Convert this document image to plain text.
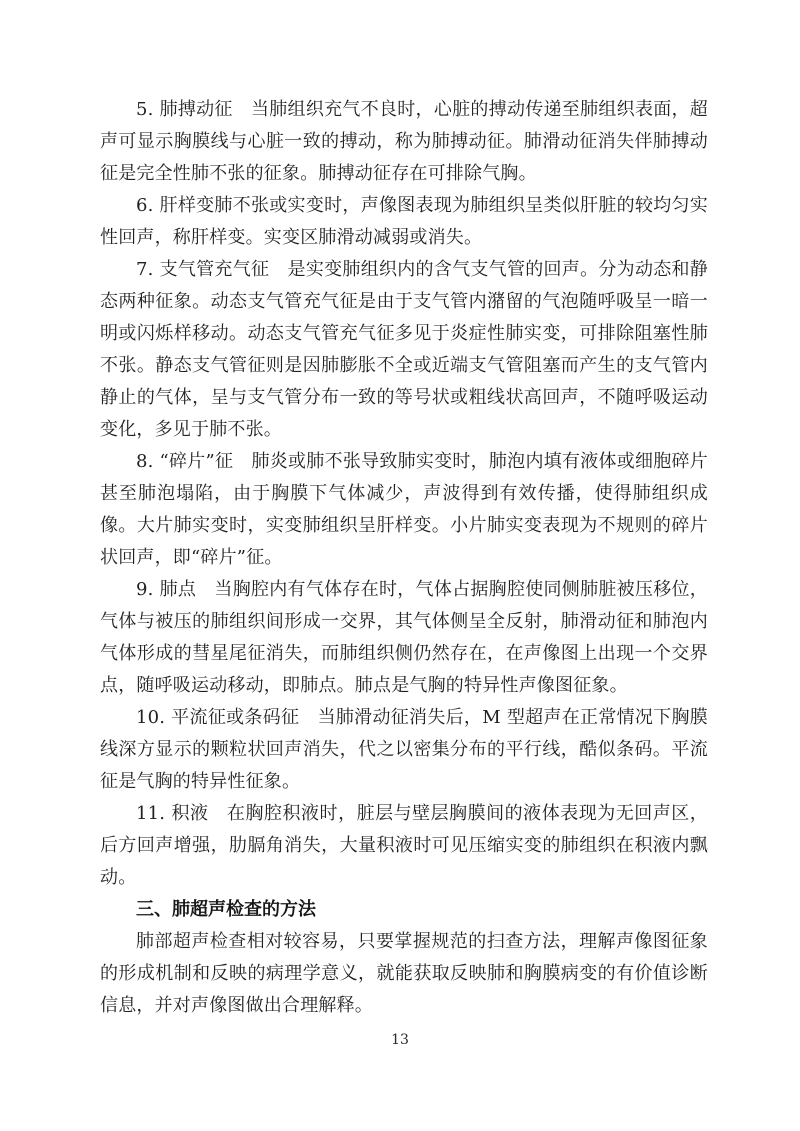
5. 肺搏动征　当肺组织充气不良时，心脏的搏动传递至肺组织表面，超声可显示胸膜线与心脏一致的搏动，称为肺搏动征。肺滑动征消失伴肺搏动征是完全性肺不张的征象。肺搏动征存在可排除气胸。

6. 肝样变肺不张或实变时，声像图表现为肺组织呈类似肝脏的较均匀实性回声，称肝样变。实变区肺滑动减弱或消失。

7. 支气管充气征　是实变肺组织内的含气支气管的回声。分为动态和静态两种征象。动态支气管充气征是由于支气管内潴留的气泡随呼吸呈一暗一明或闪烁样移动。动态支气管充气征多见于炎症性肺实变，可排除阻塞性肺不张。静态支气管征则是因肺膨胀不全或近端支气管阻塞而产生的支气管内静止的气体，呈与支气管分布一致的等号状或粗线状高回声，不随呼吸运动变化，多见于肺不张。

8. “碎片”征　肺炎或肺不张导致肺实变时，肺泡内填有液体或细胞碎片甚至肺泡塌陷，由于胸膜下气体减少，声波得到有效传播，使得肺组织成像。大片肺实变时，实变肺组织呈肝样变。小片肺实变表现为不规则的碎片状回声，即“碎片”征。

9. 肺点　当胸腔内有气体存在时，气体占据胸腔使同侧肺脏被压移位，气体与被压的肺组织间形成一交界，其气体侧呈全反射，肺滑动征和肺泡内气体形成的彗星尾征消失，而肺组织侧仍然存在，在声像图上出现一个交界点，随呼吸运动移动，即肺点。肺点是气胸的特异性声像图征象。

10. 平流征或条码征　当肺滑动征消失后，M 型超声在正常情况下胸膜线深方显示的颗粒状回声消失，代之以密集分布的平行线，酷似条码。平流征是气胸的特异性征象。

11. 积液　在胸腔积液时，脏层与壁层胸膜间的液体表现为无回声区，后方回声增强，肋膈角消失，大量积液时可见压缩实变的肺组织在积液内飘动。

三、肺超声检查的方法

肺部超声检查相对较容易，只要掌握规范的扫查方法，理解声像图征象的形成机制和反映的病理学意义，就能获取反映肺和胸膜病变的有价值诊断信息，并对声像图做出合理解释。

13
